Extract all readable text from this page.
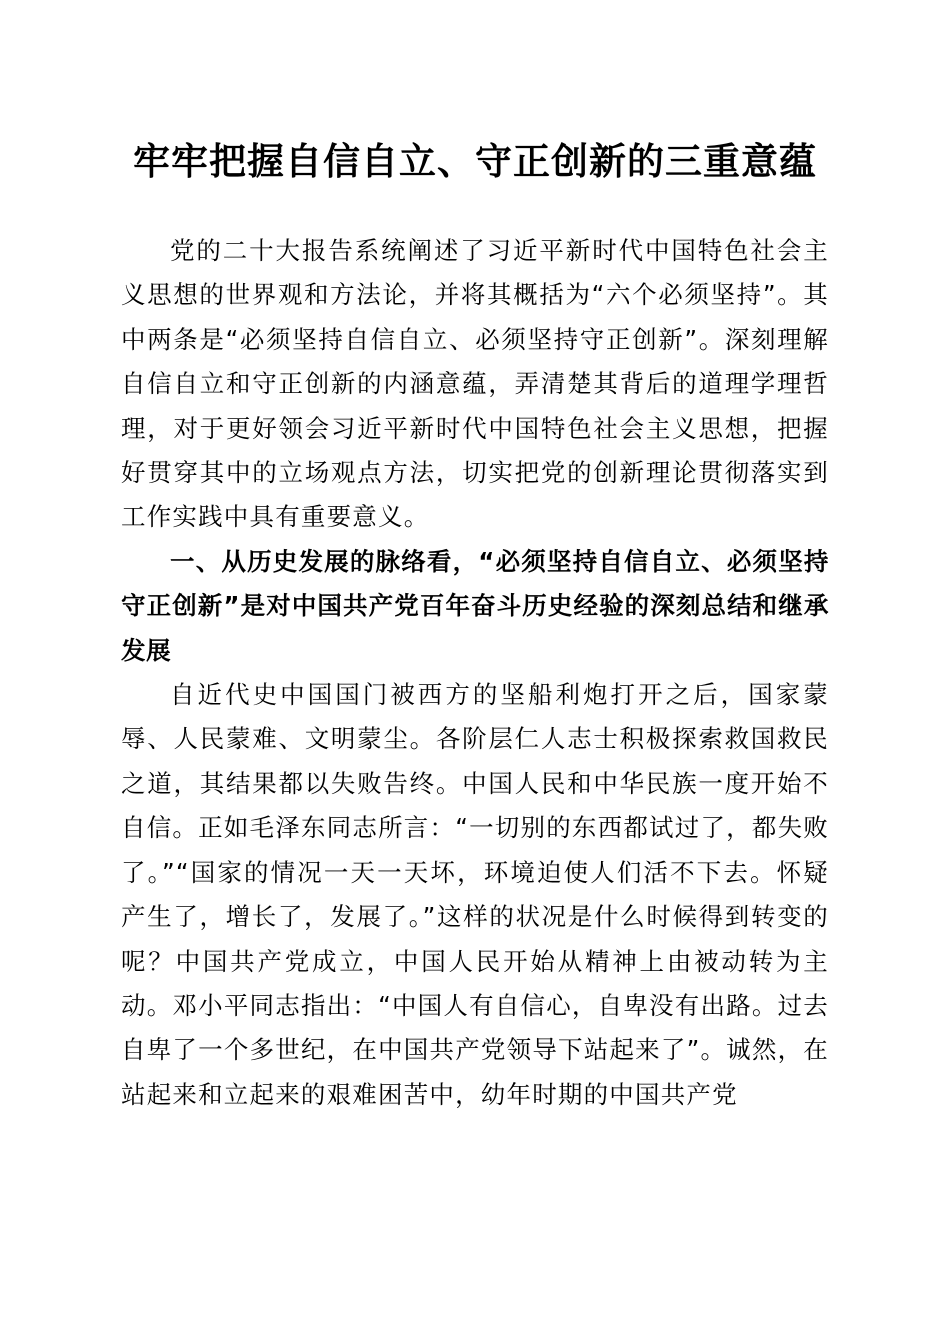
牢牢把握自信自立、守正创新的三重意蕴

党的二十大报告系统阐述了习近平新时代中国特色社会主义思想的世界观和方法论，并将其概括为“六个必须坚持”。其中两条是“必须坚持自信自立、必须坚持守正创新”。深刻理解自信自立和守正创新的内涵意蕴，弄清楚其背后的道理学理哲理，对于更好领会习近平新时代中国特色社会主义思想，把握好贯穿其中的立场观点方法，切实把党的创新理论贯彻落实到工作实践中具有重要意义。

一、从历史发展的脉络看，“必须坚持自信自立、必须坚持守正创新”是对中国共产党百年奋斗历史经验的深刻总结和继承发展

自近代史中国国门被西方的坚船利炮打开之后，国家蒙辱、人民蒙难、文明蒙尘。各阶层仁人志士积极探索救国救民之道，其结果都以失败告终。中国人民和中华民族一度开始不自信。正如毛泽东同志所言：“一切别的东西都试过了，都失败了。”“国家的情况一天一天坏，环境迫使人们活不下去。怀疑产生了，增长了，发展了。”这样的状况是什么时候得到转变的呢？中国共产党成立，中国人民开始从精神上由被动转为主动。邓小平同志指出：“中国人有自信心，自卑没有出路。过去自卑了一个多世纪，在中国共产党领导下站起来了”。诚然，在站起来和立起来的艰难困苦中，幼年时期的中国共产党
